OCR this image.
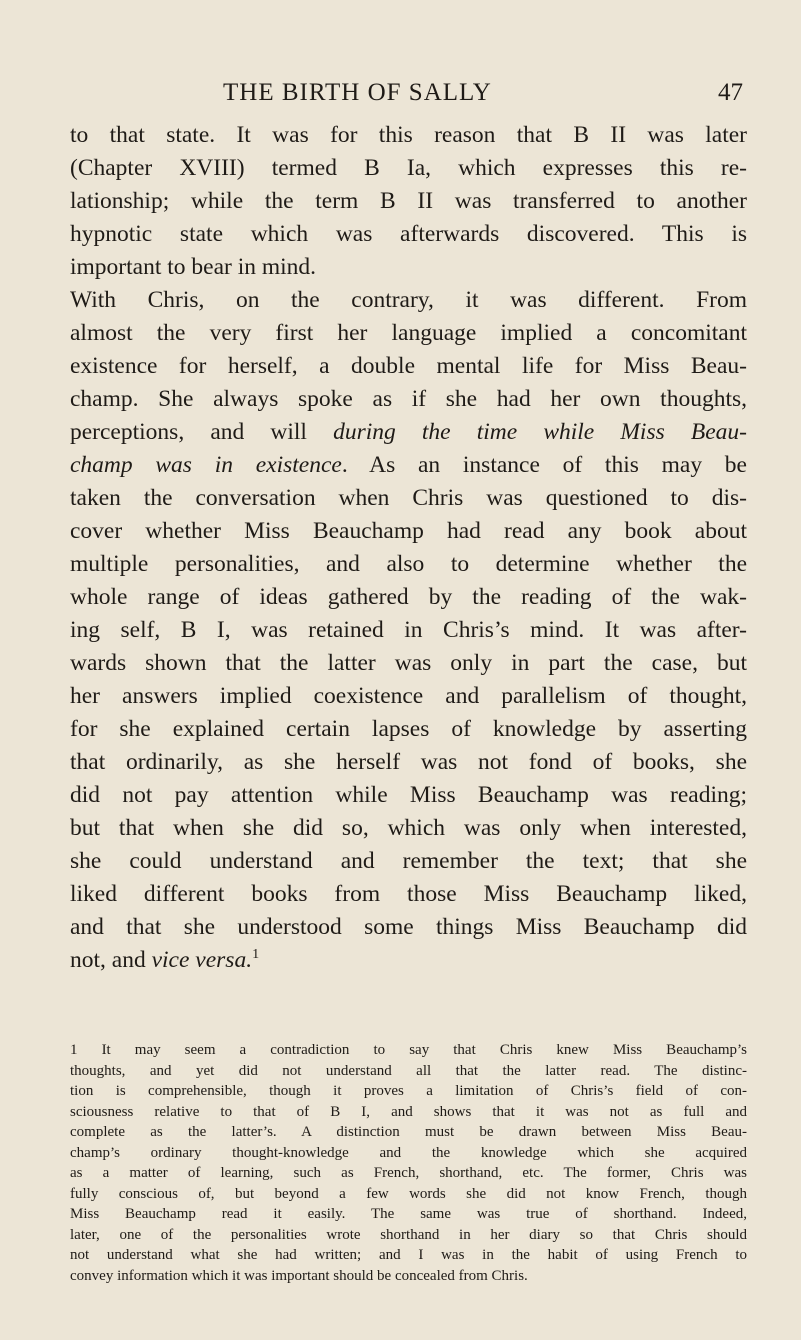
THE BIRTH OF SALLY	47
to that state. It was for this reason that B II was later
(Chapter XVIII) termed B Ia, which expresses this re-
lationship; while the term B II was transferred to another
hypnotic state which was afterwards discovered. This is
important to bear in mind.
With Chris, on the contrary, it was different. From
almost the very first her language implied a concomitant
existence for herself, a double mental life for Miss Beau-
champ. She always spoke as if she had her own thoughts,
perceptions, and will during the time while Miss Beau-
champ was in existence. As an instance of this may be
taken the conversation when Chris was questioned to dis-
cover whether Miss Beauchamp had read any book about
multiple personalities, and also to determine whether the
whole range of ideas gathered by the reading of the wak-
ing self, B I, was retained in Chris’s mind. It was after-
wards shown that the latter was only in part the case, but
her answers implied coexistence and parallelism of thought,
for she explained certain lapses of knowledge by asserting
that ordinarily, as she herself was not fond of books, she
did not pay attention while Miss Beauchamp was reading;
but that when she did so, which was only when interested,
she could understand and remember the text; that she
liked different books from those Miss Beauchamp liked,
and that she understood some things Miss Beauchamp did
not, and vice versa.$^1$
1 It may seem a contradiction to say that Chris knew Miss Beauchamp’s
thoughts, and yet did not understand all that the latter read. The distinc-
tion is comprehensible, though it proves a limitation of Chris’s field of con-
sciousness relative to that of B I, and shows that it was not as full and
complete as the latter’s. A distinction must be drawn between Miss Beau-
champ’s ordinary thought-knowledge and the knowledge which she acquired
as a matter of learning, such as French, shorthand, etc. The former, Chris was
fully conscious of, but beyond a few words she did not know French, though
Miss Beauchamp read it easily. The same was true of shorthand. Indeed,
later, one of the personalities wrote shorthand in her diary so that Chris should
not understand what she had written; and I was in the habit of using French to
convey information which it was important should be concealed from Chris.
